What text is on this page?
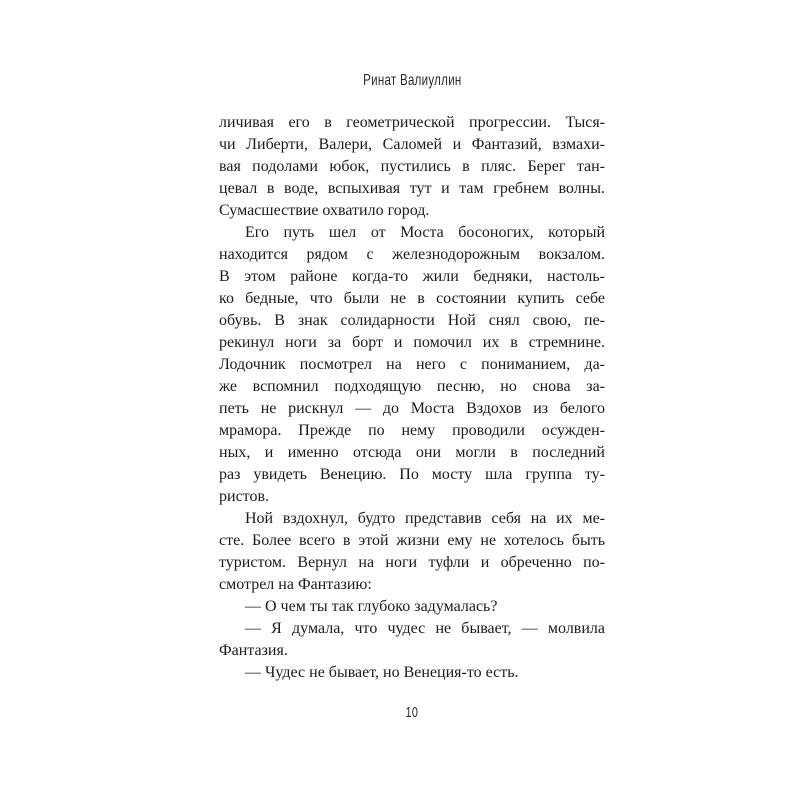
Ринат Валиуллин
личивая его в геометрической прогрессии. Тыся-
чи Либерти, Валери, Саломей и Фантазий, взмахи-
вая подолами юбок, пустились в пляс. Берег тан-
цевал в воде, вспыхивая тут и там гребнем волны.
Сумасшествие охватило город.
Его путь шел от Моста босоногих, который
находится рядом с железнодорожным вокзалом.
В этом районе когда-то жили бедняки, настоль-
ко бедные, что были не в состоянии купить себе
обувь. В знак солидарности Ной снял свою, пе-
рекинул ноги за борт и помочил их в стремнине.
Лодочник посмотрел на него с пониманием, да-
же вспомнил подходящую песню, но снова за-
петь не рискнул — до Моста Вздохов из белого
мрамора. Прежде по нему проводили осужден-
ных, и именно отсюда они могли в последний
раз увидеть Венецию. По мосту шла группа ту-
ристов.
Ной вздохнул, будто представив себя на их ме-
сте. Более всего в этой жизни ему не хотелось быть
туристом. Вернул на ноги туфли и обреченно по-
смотрел на Фантазию:
— О чем ты так глубоко задумалась?
— Я думала, что чудес не бывает, — молвила
Фантазия.
— Чудес не бывает, но Венеция-то есть.
10
